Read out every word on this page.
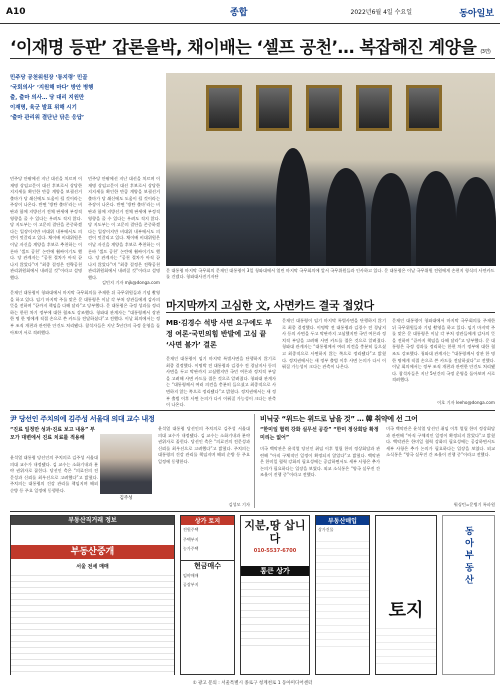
A10	종합	2022년6월 4일 수요일	동아일보
‘이재명 등판’ 갑론을박, 채이배는 ‘셀프 공천’… 복잡해진 계양을 (3면)
민주당 공천위원장 ‘통지령’ 민골
‘국회의사’ ‘지원해 마다’ 방안 병행
출, 출마 의사… 당 대리 지원만
이재명, 육군 발표 위해 시기
‘출마 관리위 결단난 닦은 응답’
민주당 안팎에선 지난 대선을 치르며 이재명 상임고문이 대선 후보로서 상당한 지지세를 확인한 만큼 계양을 보궐선거 출마가 당 쇄신에도 도움이 될 것이라는 주장이 나온다. 반면 ‘방탄 출마’라는 비판과 함께 지방선거 전체 판세에 부정적 영향을 줄 수 있다는 우려도 적지 않다. 당 지도부는 이 고문의 결단을 존중하겠다는 입장이지만 비대위 내부에서도 의견이 엇갈리고 있다. 채이배 비대위원은 이날 자신을 계양을 후보로 추천하는 이른바 ‘셀프 공천’ 논란에 휩싸이기도 했다. 당 관계자는 “공천 절차가 아직 끝나지 않았다”며 “최종 결정은 전략공천관리위원회에서 내려질 것”이라고 설명했다.
민주당 안팎에선 지난 대선을 치르며 이재명 상임고문이 대선 후보로서 상당한 지지세를 확인한 만큼 계양을 보궐선거 출마가 당 쇄신에도 도움이 될 것이라는 주장이 나온다. 반면 ‘방탄 출마’라는 비판과 함께 지방선거 전체 판세에 부정적 영향을 줄 수 있다는 우려도 적지 않다. 당 지도부는 이 고문의 결단을 존중하겠다는 입장이지만 비대위 내부에서도 의견이 엇갈리고 있다. 채이배 비대위원은 이날 자신을 계양을 후보로 추천하는 이른바 ‘셀프 공천’ 논란에 휩싸이기도 했다. 당 관계자는 “공천 절차가 아직 끝나지 않았다”며 “최종 결정은 전략공천관리위원회에서 내려질 것”이라고 설명했다.
김민지 기자 mjk@donga.com
문 대통령 마지막 국무회의 문재인 대통령이 3일 청와대에서 열린 마지막 국무회의에 앞서 국무위원들과 인사하고 있다. 문 대통령은 이날 국무위원 전원에게 손편지 형식의 사연카드를 건넸다. 청와대사진기자단
마지막까지 고심한 文, 사면카드 결국 접었다
MB·김경수 석방 사면 요구에도 부정 여론·국민의힘 반발에 고심 끝 ‘사면 불가’ 결론
문재인 대통령이 임기 마지막 특별사면을 단행하지 않기로 최종 결정했다. 이명박 전 대통령과 김경수 전 경남지사 등의 사면을 두고 막판까지 고심했지만 국민 여론과 정치적 부담을 고려해 사면 카드를 접은 것으로 알려졌다. 청와대 관계자는 “대통령께서 여러 의견을 충분히 들으셨고 최종적으로 사면하지 않는 쪽으로 정리됐다”고 밝혔다. 정치권에서는 새 정부 출범 이후 사면 논의가 다시 이뤄질 가능성이 크다는 관측이 나온다.
문재인 대통령이 임기 마지막 특별사면을 단행하지 않기로 최종 결정했다. 이명박 전 대통령과 김경수 전 경남지사 등의 사면을 두고 막판까지 고심했지만 국민 여론과 정치적 부담을 고려해 사면 카드를 접은 것으로 알려졌다. 청와대 관계자는 “대통령께서 여러 의견을 충분히 들으셨고 최종적으로 사면하지 않는 쪽으로 정리됐다”고 밝혔다. 정치권에서는 새 정부 출범 이후 사면 논의가 다시 이뤄질 가능성이 크다는 관측이 나온다.
문재인 대통령이 청와대에서 마지막 국무회의를 주재한 뒤 국무위원들과 기념 촬영을 하고 있다. 임기 마지막 주를 맞은 문 대통령은 이날 각 부처 장관들에게 감사의 뜻을 전하며 “끝까지 책임을 다해 달라”고 당부했다. 문 대통령은 국정 성과를 정리하는 한편 차기 정부에 대한 협조도 강조했다. 청와대 관계자는 “대통령께서 장관 한 명 한 명에게 직접 손으로 쓴 카드를 전달하셨다”고 전했다. 이날 회의에서는 정부 조직 개편과 관련한 안건도 처리됐다. 참석자들은 지난 5년간의 국정 운영을 돌아보며 서로 격려했다.
이호 기자 leeho@donga.com
문재인 대통령이 청와대에서 마지막 국무회의를 주재한 뒤 국무위원들과 기념 촬영을 하고 있다. 임기 마지막 주를 맞은 문 대통령은 이날 각 부처 장관들에게 감사의 뜻을 전하며 “끝까지 책임을 다해 달라”고 당부했다. 문 대통령은 국정 성과를 정리하는 한편 차기 정부에 대한 협조도 강조했다. 청와대 관계자는 “대통령께서 장관 한 명 한 명에게 직접 손으로 쓴 카드를 전달하셨다”고 전했다. 이날 회의에서는 정부 조직 개편과 관련한 안건도 처리됐다. 참석자들은 지난 5년간의 국정 운영을 돌아보며 서로 격려했다.
尹 당선인 주치의에 김주성 서울대 의대 교수 내정
“진료 일정만 성과·진료 보고 내용” 부모가 대변에서 진료 치료를 적용해
김주성
윤석열 대통령 당선인의 주치의로 김주성 서울대 의대 교수가 내정됐다. 김 교수는 소화기내과 분야 권위자로 꼽힌다. 당선인 측은 “의료진의 전문성과 신뢰를 최우선으로 고려했다”고 밝혔다. 주치의는 대통령의 건강 관리를 책임지며 해외 순방 등 주요 일정에 동행한다.
윤석열 대통령 당선인의 주치의로 김주성 서울대 의대 교수가 내정됐다. 김 교수는 소화기내과 분야 권위자로 꼽힌다. 당선인 측은 “의료진의 전문성과 신뢰를 최우선으로 고려했다”고 밝혔다. 주치의는 대통령의 건강 관리를 책임지며 해외 순방 등 주요 일정에 동행한다.
김성모 기자
비닉궁 “위드는 위드로 남을 것” … 韓 취약에 선 그어
“한미일 협력 강화 실무선 공감” “한미 정상회담 확정 미리는 없어”
미국 백악관은 윤석열 당선인 취임 이후 열릴 한미 정상회담과 관련해 “아직 구체적인 일정이 확정되지 않았다”고 밝혔다. 백악관은 한미일 협력 강화의 필요성에는 공감하면서도 세부 사항은 추가 논의가 필요하다는 입장을 보였다. 외교 소식통은 “양국 실무진 간 조율이 진행 중”이라고 전했다.
미국 백악관은 윤석열 당선인 취임 이후 열릴 한미 정상회담과 관련해 “아직 구체적인 일정이 확정되지 않았다”고 밝혔다. 백악관은 한미일 협력 강화의 필요성에는 공감하면서도 세부 사항은 추가 논의가 필요하다는 입장을 보였다. 외교 소식통은 “양국 실무진 간 조율이 진행 중”이라고 전했다.
워싱턴=문병기 특파원
부동산직거래 정보
부동산중개
서울 전세 매매
상가 토지
전원주택
주택부지
농가주택
현금매수
임야매매
공장부지
지분,땅 삽니다
010-5537-6700
통큰 상가
부동산매입
상가건물
토지
동 아 부 동 산
① 광고 문의 : 서울특별시 종로구 청계천로 1 동아미디어센터
